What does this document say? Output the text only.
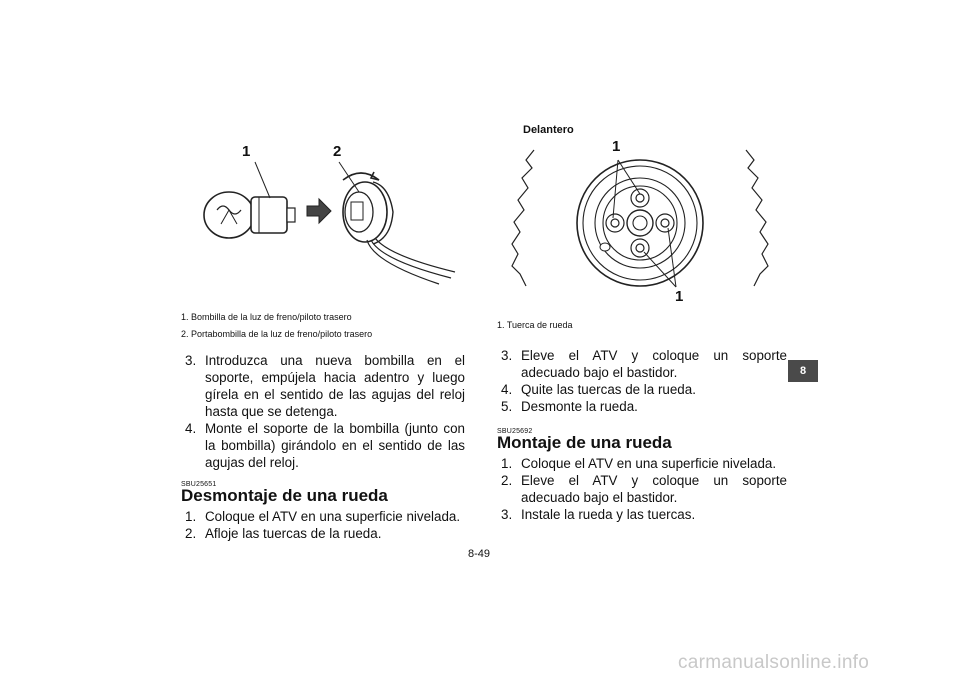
1	2
1. Bombilla de la luz de freno/piloto trasero
2. Portabombilla de la luz de freno/piloto trasero
3. Introduzca una nueva bombilla en el soporte, empújela hacia adentro y luego gírela en el sentido de las agujas del reloj hasta que se detenga.
4. Monte el soporte de la bombilla (junto con la bombilla) girándolo en el sentido de las agujas del reloj.
SBU25651
Desmontaje de una rueda
1. Coloque el ATV en una superficie nivelada.
2. Afloje las tuercas de la rueda.
Delantero
1
1
1. Tuerca de rueda
3. Eleve el ATV y coloque un soporte adecuado bajo el bastidor.
4. Quite las tuercas de la rueda.
5. Desmonte la rueda.
SBU25692
Montaje de una rueda
1. Coloque el ATV en una superficie nivelada.
2. Eleve el ATV y coloque un soporte adecuado bajo el bastidor.
3. Instale la rueda y las tuercas.
8
8-49
carmanualsonline.info
